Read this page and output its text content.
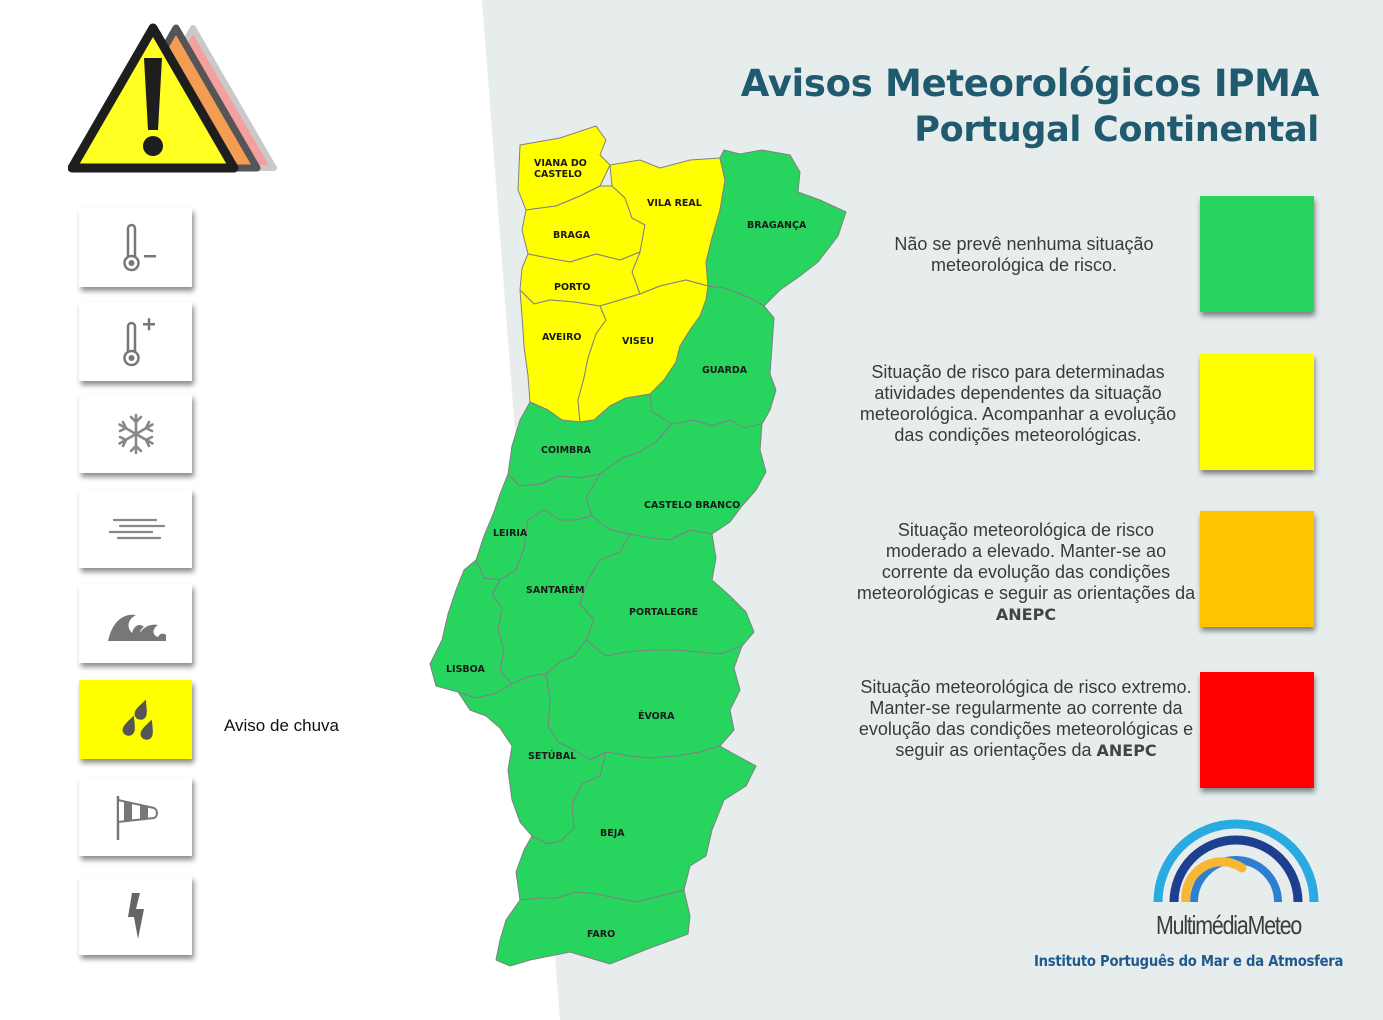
Avisos Meteorológicos IPMA
Portugal Continental
Aviso de chuva
VIANA DO CASTELO
BRAGA
VILA REAL
BRAGANÇA
PORTO
AVEIRO	VISEU
GUARDA
COIMBRA
CASTELO BRANCO
LEIRIA
SANTARÉM
PORTALEGRE
LISBOA
ÉVORA
SETÚBAL
BEJA
FARO
Não se prevê nenhuma situação meteorológica de risco.
Situação de risco para determinadas atividades dependentes da situação meteorológica. Acompanhar a evolução das condições meteorológicas.
Situação meteorológica de risco moderado a elevado. Manter-se ao corrente da evolução das condições meteorológicas e seguir as orientações da ANEPC
Situação meteorológica de risco extremo. Manter-se regularmente ao corrente da evolução das condições meteorológicas e seguir as orientações da ANEPC
MultimédiaMeteo
Instituto Português do Mar e da Atmosfera
